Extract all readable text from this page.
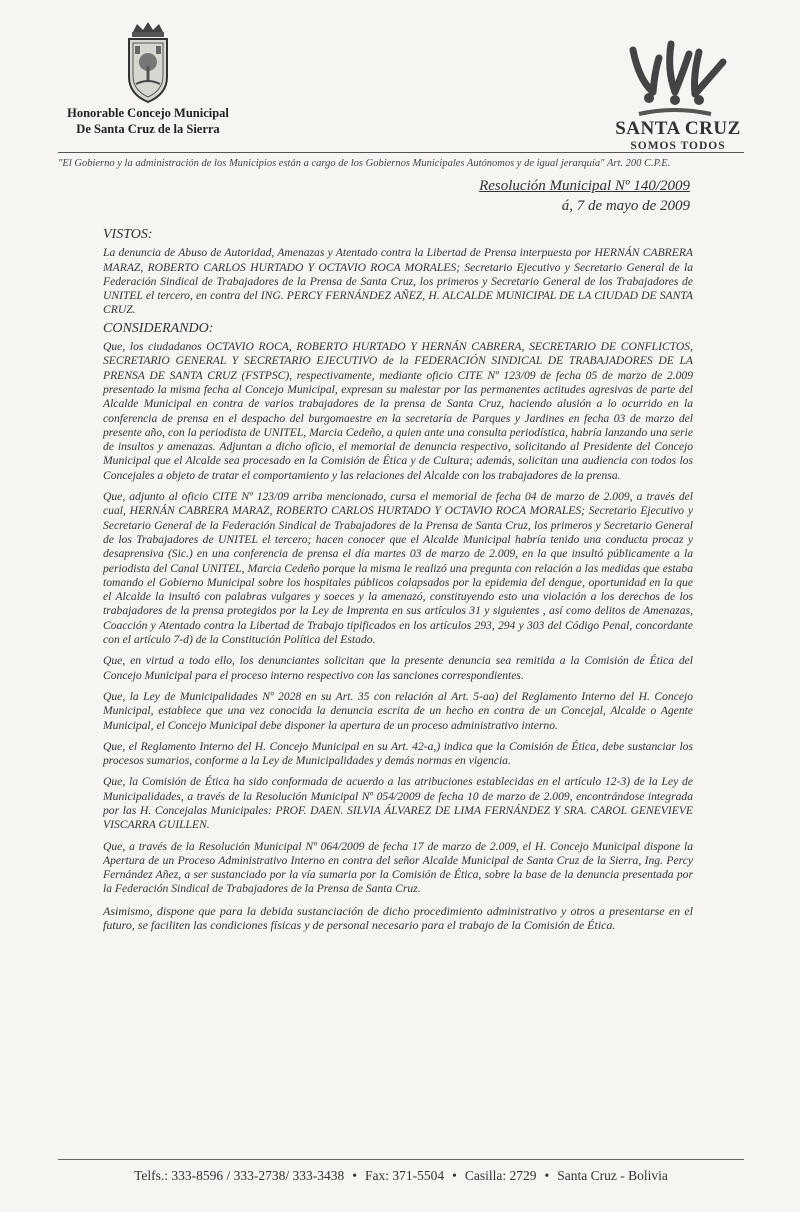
Honorable Concejo Municipal
De Santa Cruz de la Sierra	SANTA CRUZ
SOMOS TODOS
"El Gobierno y la administración de los Municipios están a cargo de los Gobiernos Municipales Autónomos y de igual jerarquía" Art. 200 C.P.E.
Resolución Municipal Nº 140/2009
á, 7 de mayo de 2009
VISTOS:

La denuncia de Abuso de Autoridad, Amenazas y Atentado contra la Libertad de Prensa interpuesta por HERNÁN CABRERA MARAZ, ROBERTO CARLOS HURTADO Y OCTAVIO ROCA MORALES; Secretario Ejecutivo y Secretario General de la Federación Sindical de Trabajadores de la Prensa de Santa Cruz, los primeros y Secretario General de los Trabajadores de UNITEL el tercero, en contra del ING. PERCY FERNÁNDEZ AÑEZ, H. ALCALDE MUNICIPAL DE LA CIUDAD DE SANTA CRUZ.

CONSIDERANDO:

Que, los ciudadanos OCTAVIO ROCA, ROBERTO HURTADO Y HERNÁN CABRERA, SECRETARIO DE CONFLICTOS, SECRETARIO GENERAL Y SECRETARIO EJECUTIVO de la FEDERACIÓN SINDICAL DE TRABAJADORES DE LA PRENSA DE SANTA CRUZ (FSTPSC), respectivamente, mediante oficio CITE Nº 123/09 de fecha 05 de marzo de 2.009 presentado la misma fecha al Concejo Municipal, expresan su malestar por las permanentes actitudes agresivas de parte del Alcalde Municipal en contra de varios trabajadores de la prensa de Santa Cruz, haciendo alusión a lo ocurrido en la conferencia de prensa en el despacho del burgomaestre en la secretaría de Parques y Jardines en fecha 03 de marzo del presente año, con la periodista de UNITEL, Marcia Cedeño, a quien ante una consulta periodística, habría lanzando una serie de insultos y amenazas. Adjuntan a dicho oficio, el memorial de denuncia respectivo, solicitando al Presidente del Concejo Municipal que el Alcalde sea procesado en la Comisión de Ética y de Cultura; además, solicitan una audiencia con todos los Concejales a objeto de tratar el comportamiento y las relaciones del Alcalde con los trabajadores de la prensa.

Que, adjunto al oficio CITE Nº 123/09 arriba mencionado, cursa el memorial de fecha 04 de marzo de 2.009, a través del cual, HERNÁN CABRERA MARAZ, ROBERTO CARLOS HURTADO Y OCTAVIO ROCA MORALES; Secretario Ejecutivo y Secretario General de la Federación Sindical de Trabajadores de la Prensa de Santa Cruz, los primeros y Secretario General de los Trabajadores de UNITEL el tercero; hacen conocer que el Alcalde Municipal habría tenido una conducta procaz y desaprensiva (Sic.) en una conferencia de prensa el día martes 03 de marzo de 2.009, en la que insultó públicamente a la periodista del Canal UNITEL, Marcia Cedeño porque la misma le realizó una pregunta con relación a las medidas que estaba tomando el Gobierno Municipal sobre los hospitales públicos colapsados por la epidemia del dengue, oportunidad en la que el Alcalde la insultó con palabras vulgares y soeces y la amenazó, constituyendo esto una violación a los derechos de los trabajadores de la prensa protegidos por la Ley de Imprenta en sus artículos 31 y siguientes , así como delitos de Amenazas, Coacción y Atentado contra la Libertad de Trabajo tipificados en los artículos 293, 294 y 303 del Código Penal, concordante con el artículo 7-d) de la Constitución Política del Estado.

Que, en virtud a todo ello, los denunciantes solicitan que la presente denuncia sea remitida a la Comisión de Ética del Concejo Municipal para el proceso interno respectivo con las sanciones correspondientes.

Que, la Ley de Municipalidades Nº 2028 en su Art. 35 con relación al Art. 5-aa) del Reglamento Interno del H. Concejo Municipal, establece que una vez conocida la denuncia escrita de un hecho en contra de un Concejal, Alcalde o Agente Municipal, el Concejo Municipal debe disponer la apertura de un proceso administrativo interno.

Que, el Reglamento Interno del H. Concejo Municipal en su Art. 42-a,) indica que la Comisión de Ética, debe sustanciar los procesos sumarios, conforme a la Ley de Municipalidades y demás normas en vigencia.

Que, la Comisión de Ética ha sido conformada de acuerdo a las atribuciones establecidas en el artículo 12-3) de la Ley de Municipalidades, a través de la Resolución Municipal Nº 054/2009 de fecha 10 de marzo de 2.009, encontrándose integrada por las H. Concejalas Municipales: PROF. DAEN. SILVIA ÁLVAREZ DE LIMA FERNÁNDEZ Y SRA. CAROL GENEVIEVE VISCARRA GUILLEN.

Que, a través de la Resolución Municipal Nº 064/2009 de fecha 17 de marzo de 2.009, el H. Concejo Municipal dispone la Apertura de un Proceso Administrativo Interno en contra del señor Alcalde Municipal de Santa Cruz de la Sierra, Ing. Percy Fernández Añez, a ser sustanciado por la vía sumaria por la Comisión de Ética, sobre la base de la denuncia presentada por la Federación Sindical de Trabajadores de la Prensa de Santa Cruz.

Asimismo, dispone que para la debida sustanciación de dicho procedimiento administrativo y otros a presentarse en el futuro, se faciliten las condiciones físicas y de personal necesario para el trabajo de la Comisión de Ética.

Telfs.: 333-8596 / 333-2738/ 333-3438 • Fax: 371-5504 • Casilla: 2729 • Santa Cruz - Bolivia
